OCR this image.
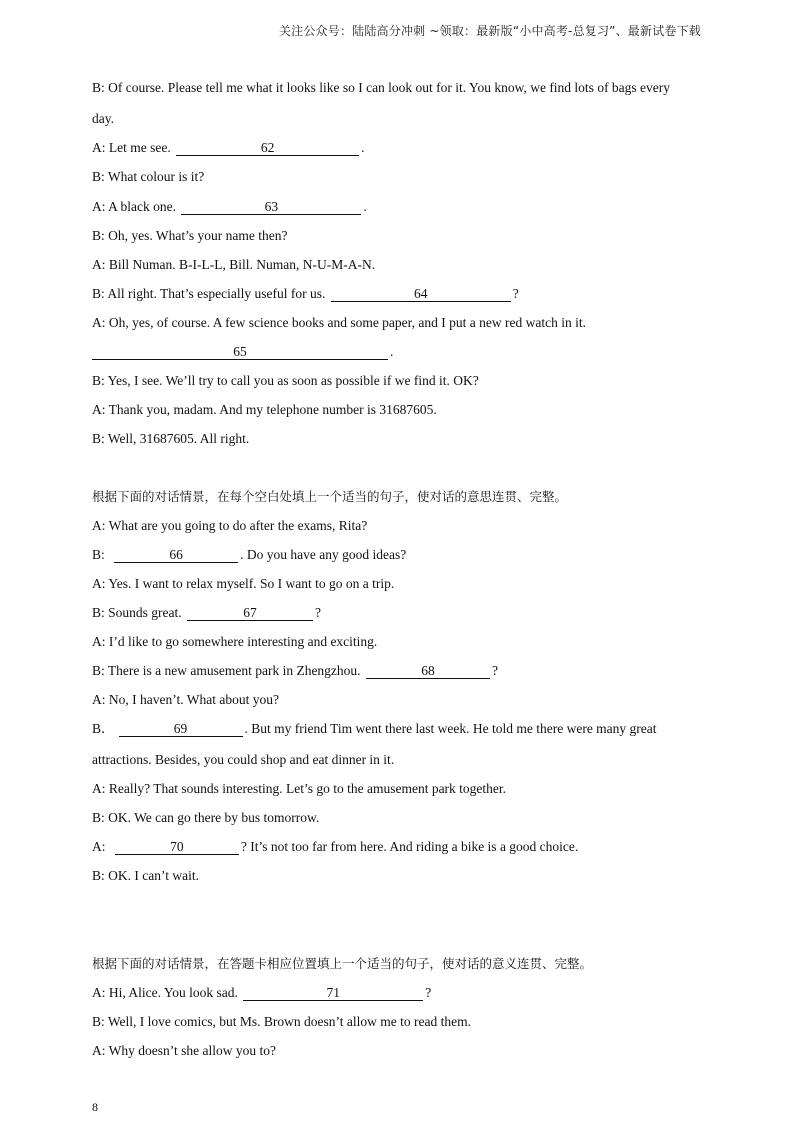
关注公众号：陆陆高分冲刺 ~领取：最新版“小中高考-总复习”、最新试卷下载
B: Of course. Please tell me what it looks like so I can look out for it. You know, we find lots of bags every
day.
A: Let me see.	62	.
B: What colour is it?
A: A black one.	63	.
B: Oh, yes. What’s your name then?
A: Bill Numan. B-I-L-L, Bill. Numan, N-U-M-A-N.
B: All right. That’s especially useful for us.	64	?
A: Oh, yes, of course. A few science books and some paper, and I put a new red watch in it.
65	.
B: Yes, I see. We’ll try to call you as soon as possible if we find it. OK?
A: Thank you, madam. And my telephone number is 31687605.
B: Well, 31687605. All right.
根据下面的对话情景，在每个空白处填上一个适当的句子，使对话的意思连贯、完整。
A: What are you going to do after the exams, Rita?
B:	66	. Do you have any good ideas?
A: Yes. I want to relax myself. So I want to go on a trip.
B: Sounds great.	67	?
A: I’d like to go somewhere interesting and exciting.
B: There is a new amusement park in Zhengzhou.	68	?
A: No, I haven’t. What about you?
B．	69	. But my friend Tim went there last week. He told me there were many great
attractions. Besides, you could shop and eat dinner in it.
A: Really? That sounds interesting. Let’s go to the amusement park together.
B: OK. We can go there by bus tomorrow.
A:	70	? It’s not too far from here. And riding a bike is a good choice.
B: OK. I can’t wait.
根据下面的对话情景，在答题卡相应位置填上一个适当的句子，使对话的意义连贯、完整。
A: Hi, Alice. You look sad.	71	?
B: Well, I love comics, but Ms. Brown doesn’t allow me to read them.
A: Why doesn’t she allow you to?
8
